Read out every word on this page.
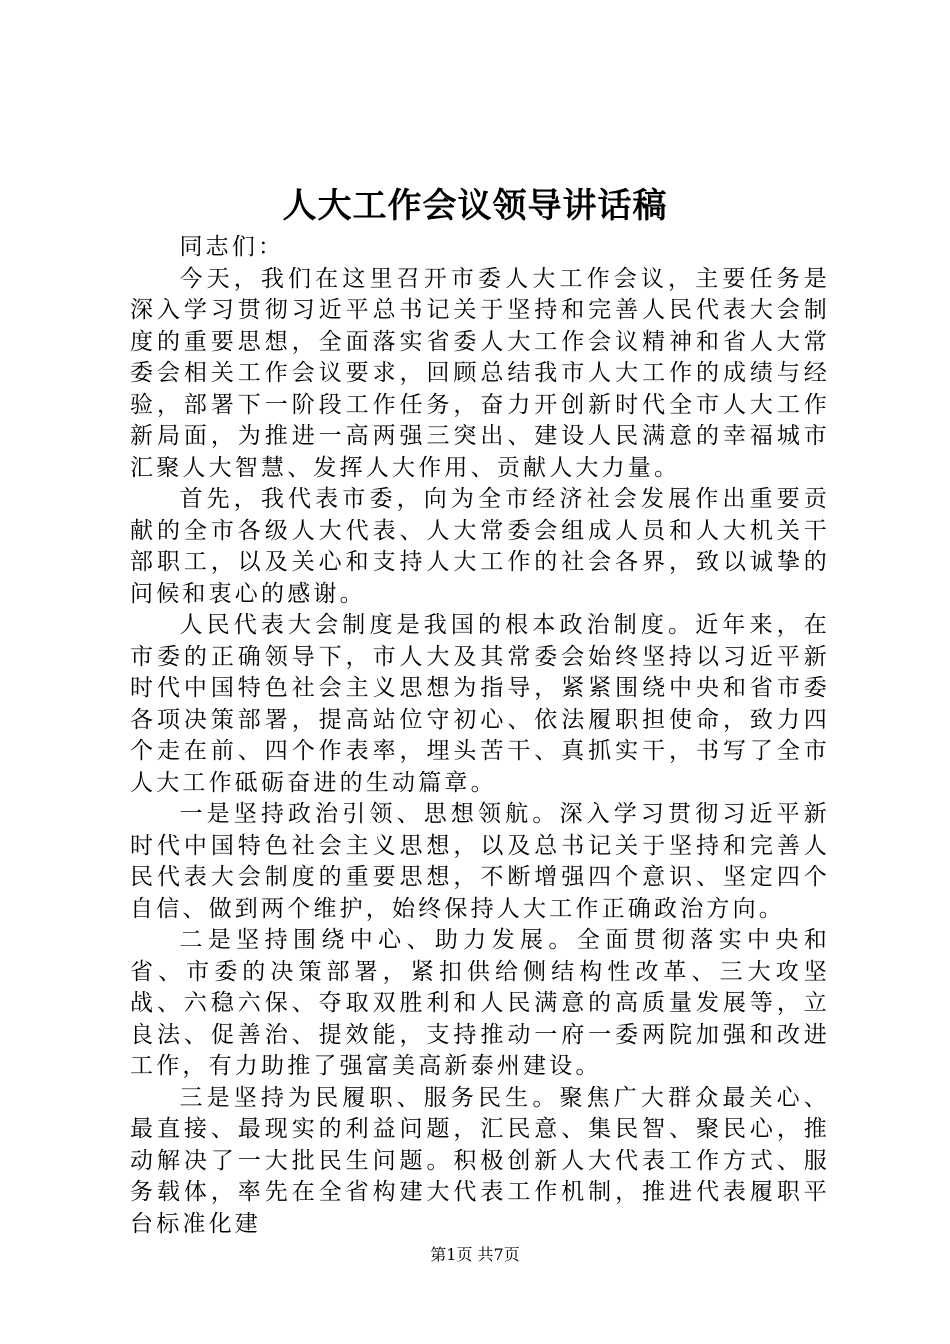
人大工作会议领导讲话稿

同志们：

今天，我们在这里召开市委人大工作会议，主要任务是深入学习贯彻习近平总书记关于坚持和完善人民代表大会制度的重要思想，全面落实省委人大工作会议精神和省人大常委会相关工作会议要求，回顾总结我市人大工作的成绩与经验，部署下一阶段工作任务，奋力开创新时代全市人大工作新局面，为推进一高两强三突出、建设人民满意的幸福城市汇聚人大智慧、发挥人大作用、贡献人大力量。

首先，我代表市委，向为全市经济社会发展作出重要贡献的全市各级人大代表、人大常委会组成人员和人大机关干部职工，以及关心和支持人大工作的社会各界，致以诚挚的问候和衷心的感谢。

人民代表大会制度是我国的根本政治制度。近年来，在市委的正确领导下，市人大及其常委会始终坚持以习近平新时代中国特色社会主义思想为指导，紧紧围绕中央和省市委各项决策部署，提高站位守初心、依法履职担使命，致力四个走在前、四个作表率，埋头苦干、真抓实干，书写了全市人大工作砥砺奋进的生动篇章。

一是坚持政治引领、思想领航。深入学习贯彻习近平新时代中国特色社会主义思想，以及总书记关于坚持和完善人民代表大会制度的重要思想，不断增强四个意识、坚定四个自信、做到两个维护，始终保持人大工作正确政治方向。

二是坚持围绕中心、助力发展。全面贯彻落实中央和省、市委的决策部署，紧扣供给侧结构性改革、三大攻坚战、六稳六保、夺取双胜利和人民满意的高质量发展等，立良法、促善治、提效能，支持推动一府一委两院加强和改进工作，有力助推了强富美高新泰州建设。

三是坚持为民履职、服务民生。聚焦广大群众最关心、最直接、最现实的利益问题，汇民意、集民智、聚民心，推动解决了一大批民生问题。积极创新人大代表工作方式、服务载体，率先在全省构建大代表工作机制，推进代表履职平台标准化建

第1页 共7页
